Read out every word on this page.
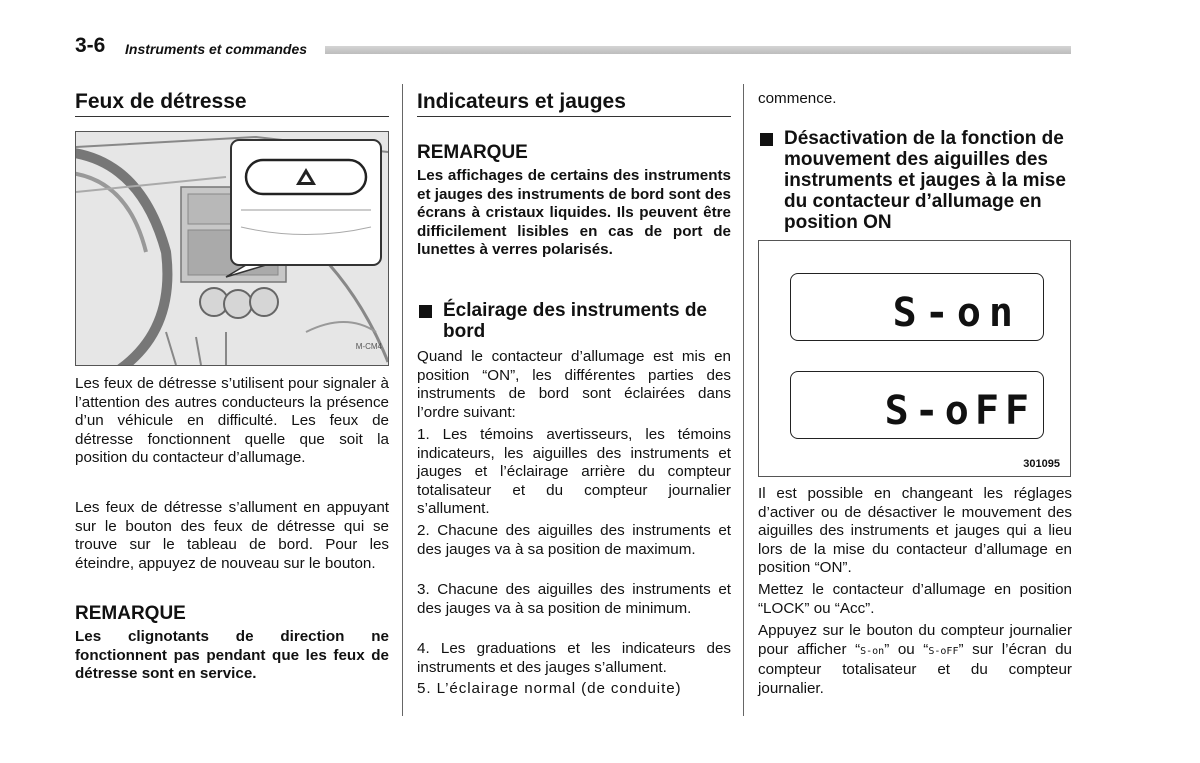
3-6 Instruments et commandes
Feux de détresse
M-CM4

Les feux de détresse s’utilisent pour signaler à l’attention des autres conducteurs la présence d’un véhicule en difficulté. Les feux de détresse fonctionnent quelle que soit la position du contacteur d’allumage.

Les feux de détresse s’allument en appuyant sur le bouton des feux de détresse qui se trouve sur le tableau de bord. Pour les éteindre, appuyez de nouveau sur le bouton.

REMARQUE

Les clignotants de direction ne fonctionnent pas pendant que les feux de détresse sont en service.

Indicateurs et jauges
REMARQUE

Les affichages de certains des instruments et jauges des instruments de bord sont des écrans à cristaux liquides. Ils peuvent être difficilement lisibles en cas de port de lunettes à verres polarisés.

Éclairage des instruments de bord

Quand le contacteur d’allumage est mis en position “ON”, les différentes parties des instruments de bord sont éclairées dans l’ordre suivant:

1. Les témoins avertisseurs, les témoins indicateurs, les aiguilles des instruments et jauges et l’éclairage arrière du compteur totalisateur et du compteur journalier s’allument.

2. Chacune des aiguilles des instruments et des jauges va à sa position de maximum.

3. Chacune des aiguilles des instruments et des jauges va à sa position de minimum.

4. Les graduations et les indicateurs des instruments et des jauges s’allument.

5. L’éclairage normal (de conduite)

commence.

Désactivation de la fonction de mouvement des aiguilles des instruments et jauges à la mise du contacteur d’allumage en position ON
S-on
S-oFF
301095

Il est possible en changeant les réglages d’activer ou de désactiver le mouvement des aiguilles des instruments et jauges qui a lieu lors de la mise du contacteur d’allumage en position “ON”.

Mettez le contacteur d’allumage en position “LOCK” ou “Acc”.

Appuyez sur le bouton du compteur journalier pour afficher “S-on” ou “S-oFF” sur l’écran du compteur totalisateur et du compteur journalier.
